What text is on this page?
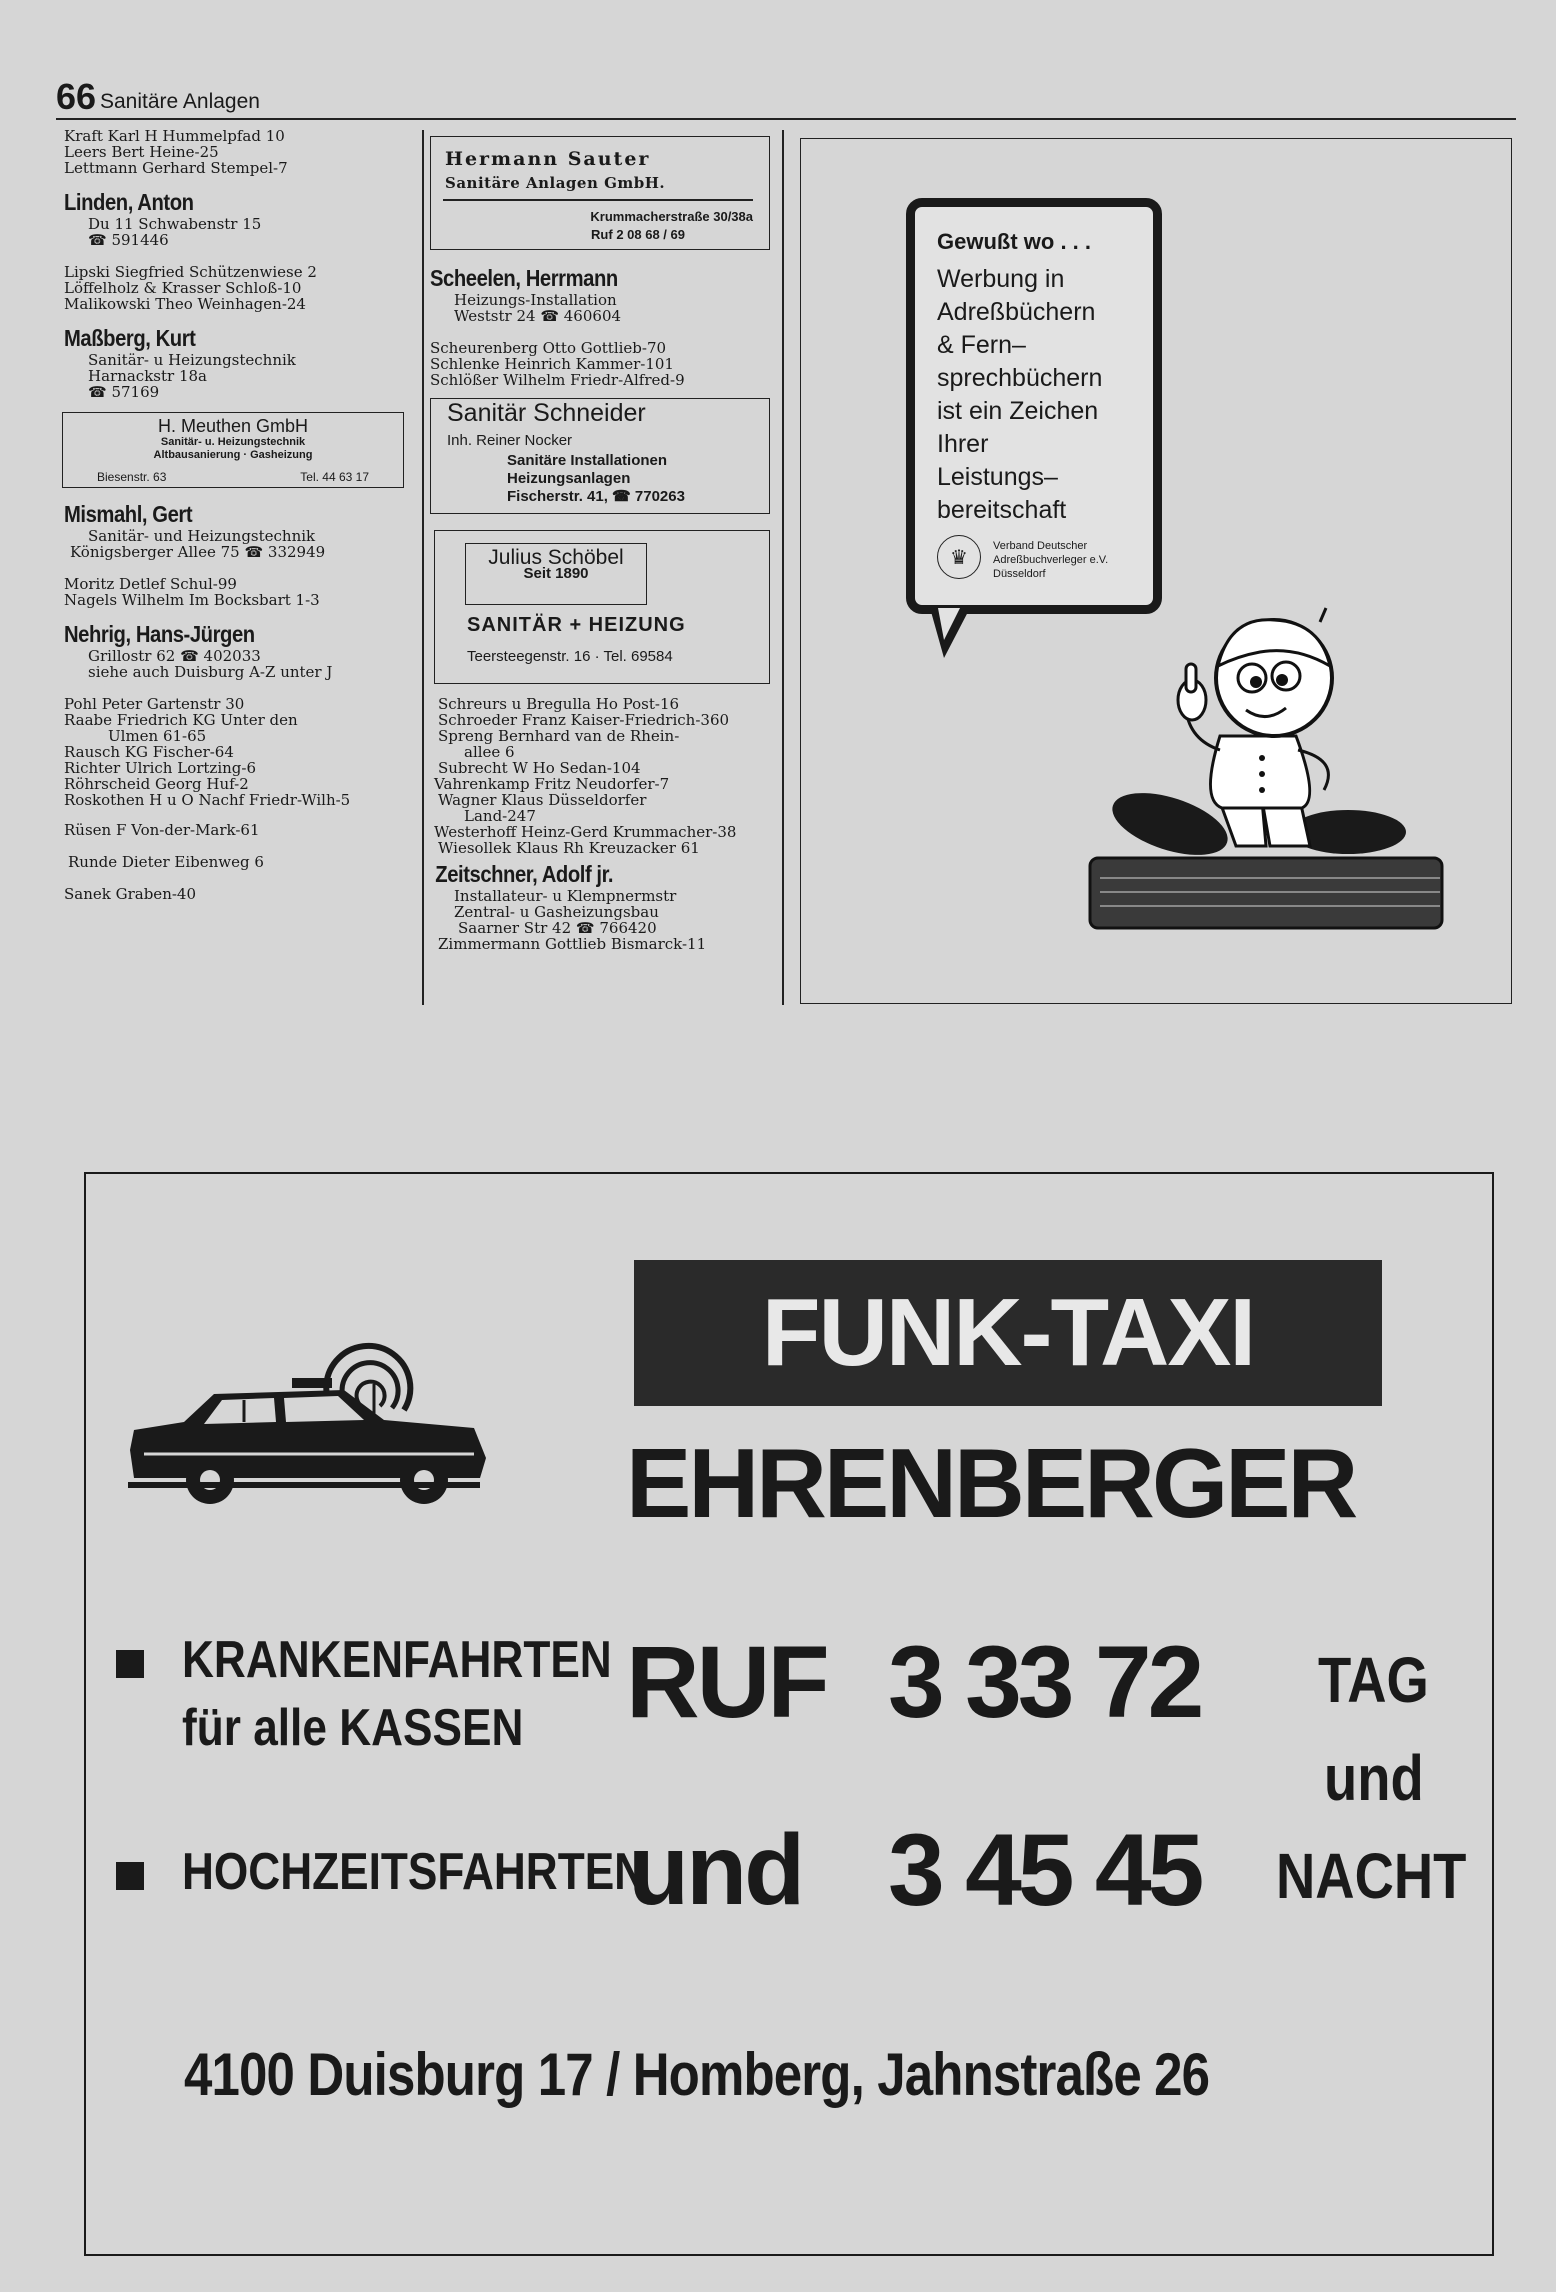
66 Sanitäre Anlagen
Kraft Karl H Hummelpfad 10
Leers Bert Heine-25
Lettmann Gerhard Stempel-7
Linden, Anton
Du 11 Schwabenstr 15
☎ 591446
Lipski Siegfried Schützenwiese 2
Löffelholz & Krasser Schloß-10
Malikowski Theo Weinhagen-24
Maßberg, Kurt
Sanitär- u Heizungstechnik
Harnackstr 18a
☎ 57169
H. Meuthen GmbH
Sanitär- u. Heizungstechnik
Altbausanierung · Gasheizung
Biesenstr. 63	Tel. 44 63 17
Mismahl, Gert
Sanitär- und Heizungstechnik
Königsberger Allee 75 ☎ 332949
Moritz Detlef Schul-99
Nagels Wilhelm Im Bocksbart 1-3
Nehrig, Hans-Jürgen
Grillostr 62 ☎ 402033
siehe auch Duisburg A-Z unter J
Pohl Peter Gartenstr 30
Raabe Friedrich KG Unter den
Ulmen 61-65
Rausch KG Fischer-64
Richter Ulrich Lortzing-6
Röhrscheid Georg Huf-2
Roskothen H u O Nachf Friedr-Wilh-5
Rüsen F Von-der-Mark-61
Runde Dieter Eibenweg 6
Sanek Graben-40
Hermann Sauter
Sanitäre Anlagen GmbH.
Krummacherstraße 30/38a
Ruf 2 08 68 / 69
Scheelen, Herrmann
Heizungs-Installation
Weststr 24 ☎ 460604
Scheurenberg Otto Gottlieb-70
Schlenke Heinrich Kammer-101
Schlößer Wilhelm Friedr-Alfred-9
Sanitär Schneider
Inh. Reiner Nocker
Sanitäre Installationen
Heizungsanlagen
Fischerstr. 41, ☎ 770263
Julius Schöbel
Seit 1890
SANITÄR + HEIZUNG
Teersteegenstr. 16 · Tel. 69584
Schreurs u Bregulla Ho Post-16
Schroeder Franz Kaiser-Friedrich-360
Spreng Bernhard van de Rhein-
allee 6
Subrecht W Ho Sedan-104
Vahrenkamp Fritz Neudorfer-7
Wagner Klaus Düsseldorfer
Land-247
Westerhoff Heinz-Gerd Krummacher-38
Wiesollek Klaus Rh Kreuzacker 61
Zeitschner, Adolf jr.
Installateur- u Klempnermstr
Zentral- u Gasheizungsbau
Saarner Str 42 ☎ 766420
Zimmermann Gottlieb Bismarck-11
Gewußt wo . . .
Werbung in
Adreßbüchern
& Fern–
sprechbüchern
ist ein Zeichen
Ihrer
Leistungs–
bereitschaft
♛	Verband Deutscher
Adreßbuchverleger e.V.
Düsseldorf
FUNK-TAXI
EHRENBERGER
KRANKENFAHRTEN
für alle KASSEN
HOCHZEITSFAHRTEN
RUF 3 33 72 TAG
und
und 3 45 45 NACHT
4100 Duisburg 17 / Homberg, Jahnstraße 26
